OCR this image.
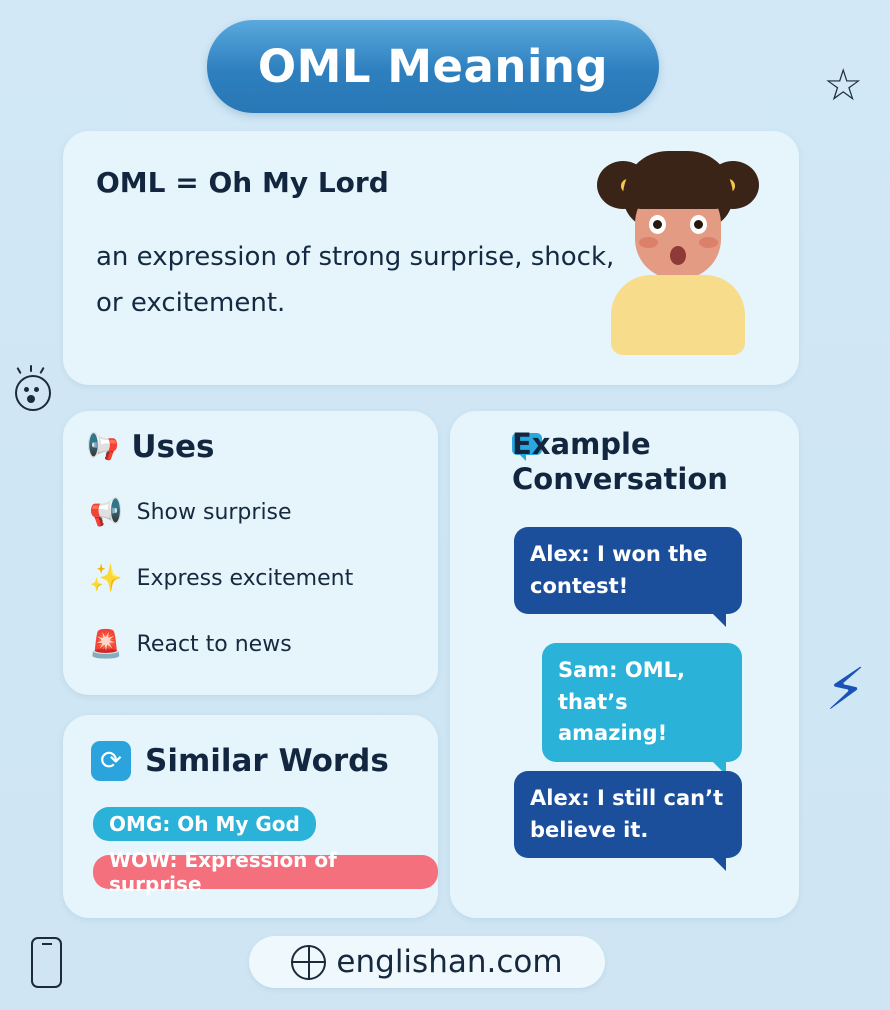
OML Meaning	☆
OML = Oh My Lord
an expression of strong surprise, shock, or excitement.
📢 Uses
📢 Show surprise
✨ Express excitement
🚨 React to news
⟳ Similar Words
OMG: Oh My God
WOW: Expression of surprise
Example Conversation
Alex: I won the contest!
Sam: OML, that’s amazing!
Alex: I still can’t believe it.
⚡
englishan.com
